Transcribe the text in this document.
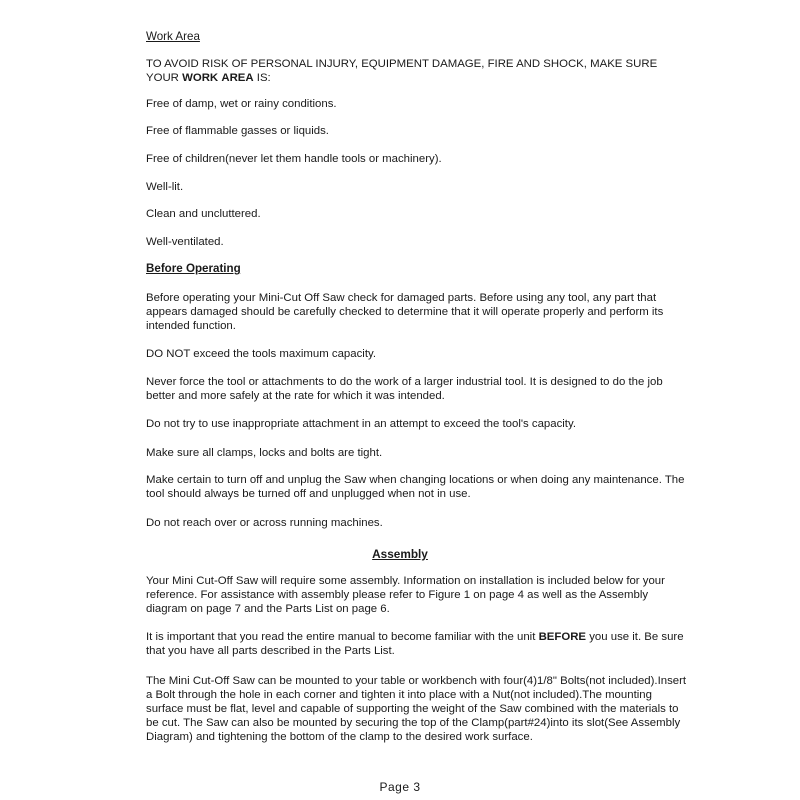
Work Area
TO AVOID RISK OF PERSONAL INJURY, EQUIPMENT DAMAGE, FIRE AND SHOCK, MAKE SURE YOUR WORK AREA IS:
Free of damp, wet or rainy conditions.
Free of flammable gasses or liquids.
Free of children(never let them handle tools or machinery).
Well-lit.
Clean and uncluttered.
Well-ventilated.
Before Operating
Before operating your Mini-Cut Off Saw check for damaged parts. Before using any tool, any part that appears damaged should be carefully checked to determine that it will operate properly and perform its intended function.
DO NOT exceed the tools maximum capacity.
Never force the tool or attachments to do the work of a larger industrial tool. It is designed to do the job better and more safely at the rate for which it was intended.
Do not try to use inappropriate attachment in an attempt to exceed the tool's capacity.
Make sure all clamps, locks and bolts are tight.
Make certain to turn off and unplug the Saw when changing locations or when doing any maintenance. The tool should always be turned off and unplugged when not in use.
Do not reach over or across running machines.
Assembly
Your Mini Cut-Off Saw will require some assembly. Information on installation is included below for your reference. For assistance with assembly please refer to Figure 1 on page 4 as well as the Assembly diagram on page 7 and the Parts List on page 6.
It is important that you read the entire manual to become familiar with the unit BEFORE you use it. Be sure that you have all parts described in the Parts List.
The Mini Cut-Off Saw can be mounted to your table or workbench with four(4)1/8" Bolts(not included).Insert a Bolt through the hole in each corner and tighten it into place with a Nut(not included).The mounting surface must be flat, level and capable of supporting the weight of the Saw combined with the materials to be cut. The Saw can also be mounted by securing the top of the Clamp(part#24)into its slot(See Assembly Diagram) and tightening the bottom of the clamp to the desired work surface.
Page 3
